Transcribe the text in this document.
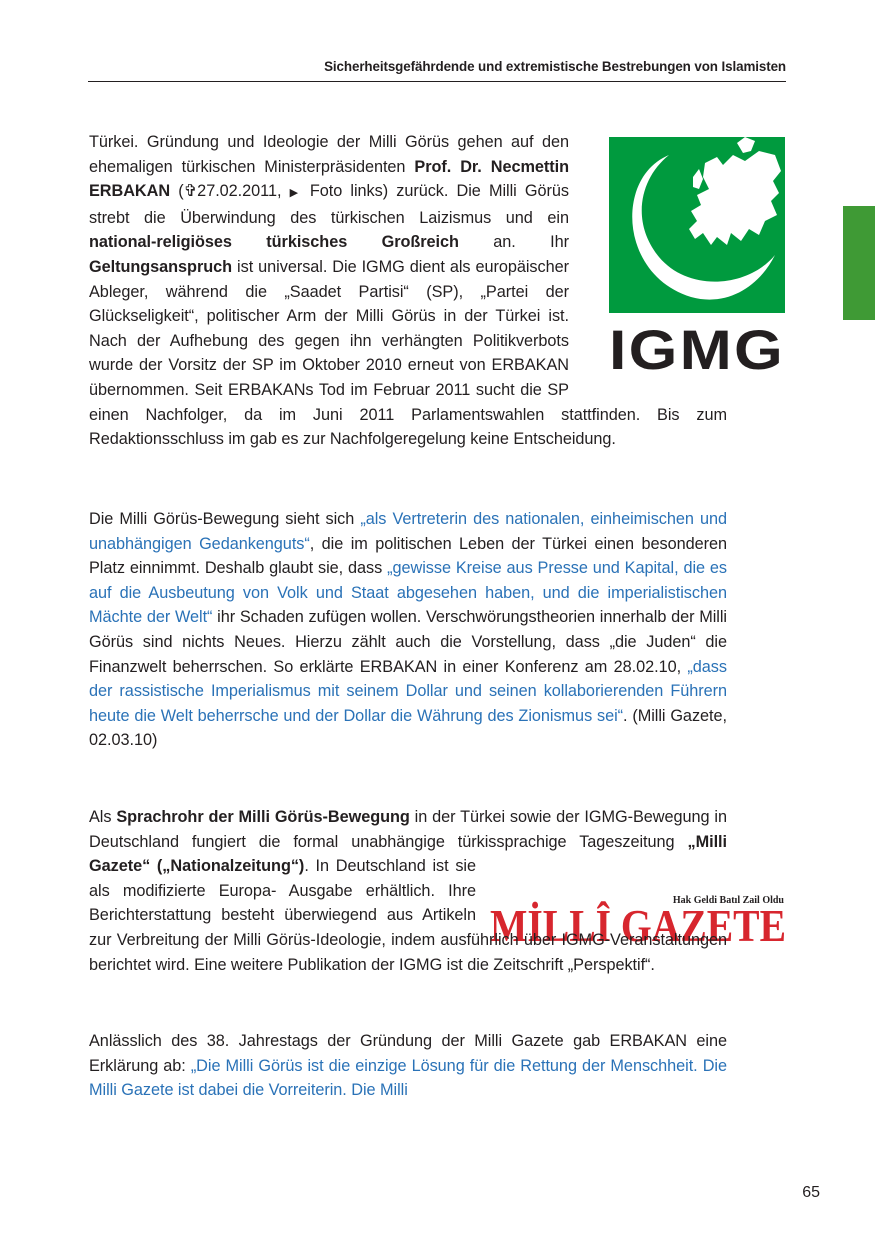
Sicherheitsgefährdende und extremistische Bestrebungen von Islamisten
IGMG
Hak Geldi Batıl Zail Oldu
MİLLÎ GAZETE

Türkei. Gründung und Ideologie der Milli Görüs gehen auf den ehemaligen türkischen Ministerpräsidenten Prof. Dr. Necmettin ERBAKAN (✞27.02.2011, ▶ Foto links) zurück. Die Milli Görüs strebt die Überwindung des türkischen Laizismus und ein national-religiöses türkisches Großreich an. Ihr Geltungsanspruch ist universal. Die IGMG dient als europäischer Ableger, während die „Saadet Partisi“ (SP), „Partei der Glückseligkeit“, politischer Arm der Milli Görüs in der Türkei ist. Nach der Aufhebung des gegen ihn verhängten Politikverbots wurde der Vorsitz der SP im Oktober 2010 erneut von ERBAKAN übernommen. Seit ERBAKANs Tod im Februar 2011 sucht die SP einen Nachfolger, da im Juni 2011 Parlamentswahlen stattfinden. Bis zum Redaktionsschluss im gab es zur Nachfolgeregelung keine Entscheidung.

Die Milli Görüs-Bewegung sieht sich „als Vertreterin des nationalen, einheimischen und unabhängigen Gedankenguts“, die im politischen Leben der Türkei einen besonderen Platz einnimmt. Deshalb glaubt sie, dass „gewisse Kreise aus Presse und Kapital, die es auf die Ausbeutung von Volk und Staat abgesehen haben, und die imperialistischen Mächte der Welt“ ihr Schaden zufügen wollen. Verschwörungstheorien innerhalb der Milli Görüs sind nichts Neues. Hierzu zählt auch die Vorstellung, dass „die Juden“ die Finanzwelt beherrschen. So erklärte ERBAKAN in einer Konferenz am 28.02.10, „dass der rassistische Imperialismus mit seinem Dollar und seinen kollaborierenden Führern heute die Welt beherrsche und der Dollar die Währung des Zionismus sei“. (Milli Gazete, 02.03.10)

Als Sprachrohr der Milli Görüs-Bewegung in der Türkei sowie der IGMG-Bewegung in Deutschland fungiert die formal unabhängige türkissprachige Tageszeitung „Milli Gazete“ („Nationalzeitung“). In Deutschland ist sie
als modifizierte Europa- Ausgabe erhältlich. Ihre Berichterstattung besteht überwiegend aus Artikeln zur Verbreitung der Milli Görüs-Ideologie, indem ausführlich über IGMG-Veranstaltungen berichtet wird. Eine weitere Publikation der IGMG ist die Zeitschrift „Perspektif“.

Anlässlich des 38. Jahrestags der Gründung der Milli Gazete gab ERBAKAN eine Erklärung ab: „Die Milli Görüs ist die einzige Lösung für die Rettung der Menschheit. Die Milli Gazete ist dabei die Vorreiterin. Die Milli

65
